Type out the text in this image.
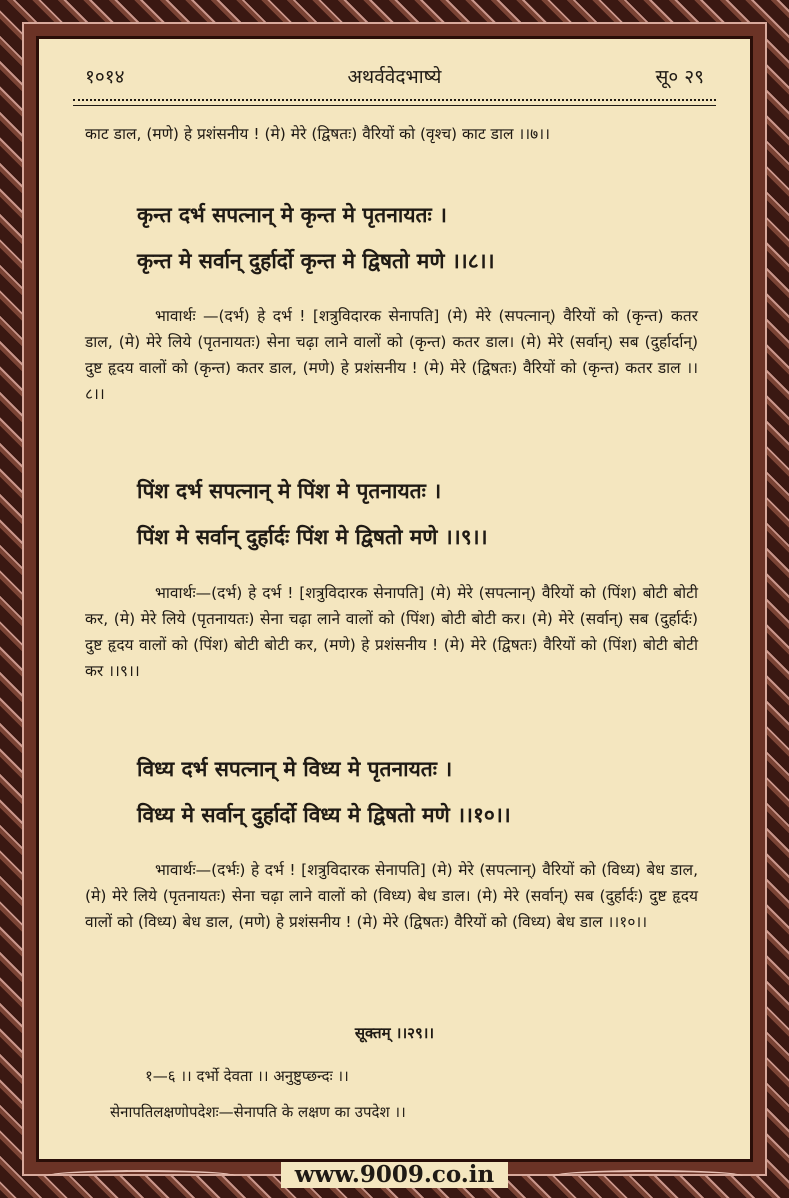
१०१४	अथर्ववेदभाष्ये	सू० २९
काट डाल, (मणे) हे प्रशंसनीय ! (मे) मेरे (द्विषतः) वैरियों को (वृश्च) काट डाल ।।७।।
कृन्त दर्भ सपत्नान् मे कृन्त मे पृतनायतः ।
कृन्त मे सर्वान् दुर्हार्दो कृन्त मे द्विषतो मणे ।।८।।
भावार्थः —(दर्भ) हे दर्भ ! [शत्रुविदारक सेनापति] (मे) मेरे (सपत्नान्) वैरियों को (कृन्त) कतर डाल, (मे) मेरे लिये (पृतनायतः) सेना चढ़ा लाने वालों को (कृन्त) कतर डाल। (मे) मेरे (सर्वान्) सब (दुर्हार्दान्) दुष्ट हृदय वालों को (कृन्त) कतर डाल, (मणे) हे प्रशंसनीय ! (मे) मेरे (द्विषतः) वैरियों को (कृन्त) कतर डाल ।।८।।
पिंश दर्भ सपत्नान् मे पिंश मे पृतनायतः ।
पिंश मे सर्वान् दुर्हार्दः पिंश मे द्विषतो मणे ।।९।।
भावार्थः—(दर्भ) हे दर्भ ! [शत्रुविदारक सेनापति] (मे) मेरे (सपत्नान्) वैरियों को (पिंश) बोटी बोटी कर, (मे) मेरे लिये (पृतनायतः) सेना चढ़ा लाने वालों को (पिंश) बोटी बोटी कर। (मे) मेरे (सर्वान्) सब (दुर्हार्दः) दुष्ट हृदय वालों को (पिंश) बोटी बोटी कर, (मणे) हे प्रशंसनीय ! (मे) मेरे (द्विषतः) वैरियों को (पिंश) बोटी बोटी कर ।।९।।
विध्य दर्भ सपत्नान् मे विध्य मे पृतनायतः ।
विध्य मे सर्वान् दुर्हार्दो विध्य मे द्विषतो मणे ।।१०।।
भावार्थः—(दर्भः) हे दर्भ ! [शत्रुविदारक सेनापति] (मे) मेरे (सपत्नान्) वैरियों को (विध्य) बेध डाल, (मे) मेरे लिये (पृतनायतः) सेना चढ़ा लाने वालों को (विध्य) बेध डाल। (मे) मेरे (सर्वान्) सब (दुर्हार्दः) दुष्ट हृदय वालों को (विध्य) बेध डाल, (मणे) हे प्रशंसनीय ! (मे) मेरे (द्विषतः) वैरियों को (विध्य) बेध डाल ।।१०।।
सूक्तम् ।।२९।।
१—६ ।। दर्भो देवता ।। अनुष्टुप्छन्दः ।।
सेनापतिलक्षणोपदेशः—सेनापति के लक्षण का उपदेश ।।
www.9009.co.in
